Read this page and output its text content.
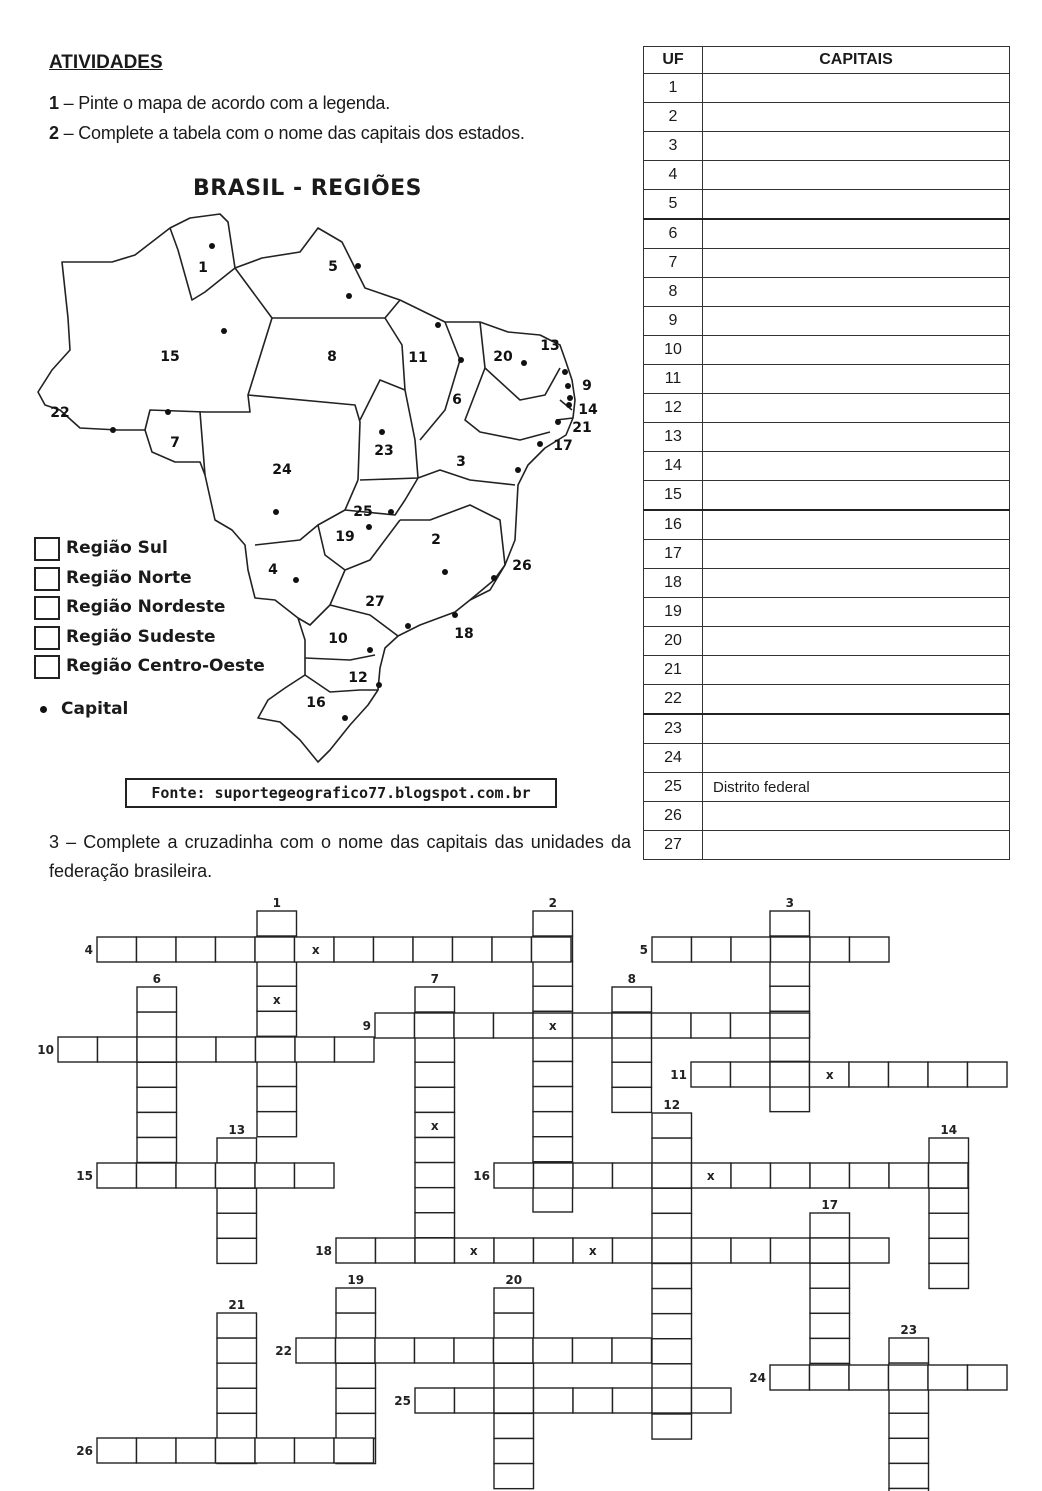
ATIVIDADES
1 – Pinte o mapa de acordo com a legenda.
2 – Complete a tabela com o nome das capitais dos estados.
BRASIL - REGIÕES
1
2
3
4
5
6
7
8
9
10
11
12
13
14
15
16
17
18
19
20
21
22
23
24
25
26
27
Região Sul
Região Norte
Região Nordeste
Região Sudeste
Região Centro-Oeste
Capital
Fonte: suportegeografico77.blogspot.com.br
3 – Complete a cruzadinha com o nome das capitais das unidades da federação brasileira.
UF	CAPITAIS
1	
2	
3	
4	
5	
6	
7	
8	
9	
10	
11	
12	
13	
14	
15	
16	
17	
18	
19	
20	
21	
22	
23	
24	
25	Distrito federal
26	
27	
x
x
x
x
x
x
x	x
1	2	3
4	5
6	7	8
9
10
11
12
13	14
15	16
17
18
19	20
21
22
23
24
25
26
